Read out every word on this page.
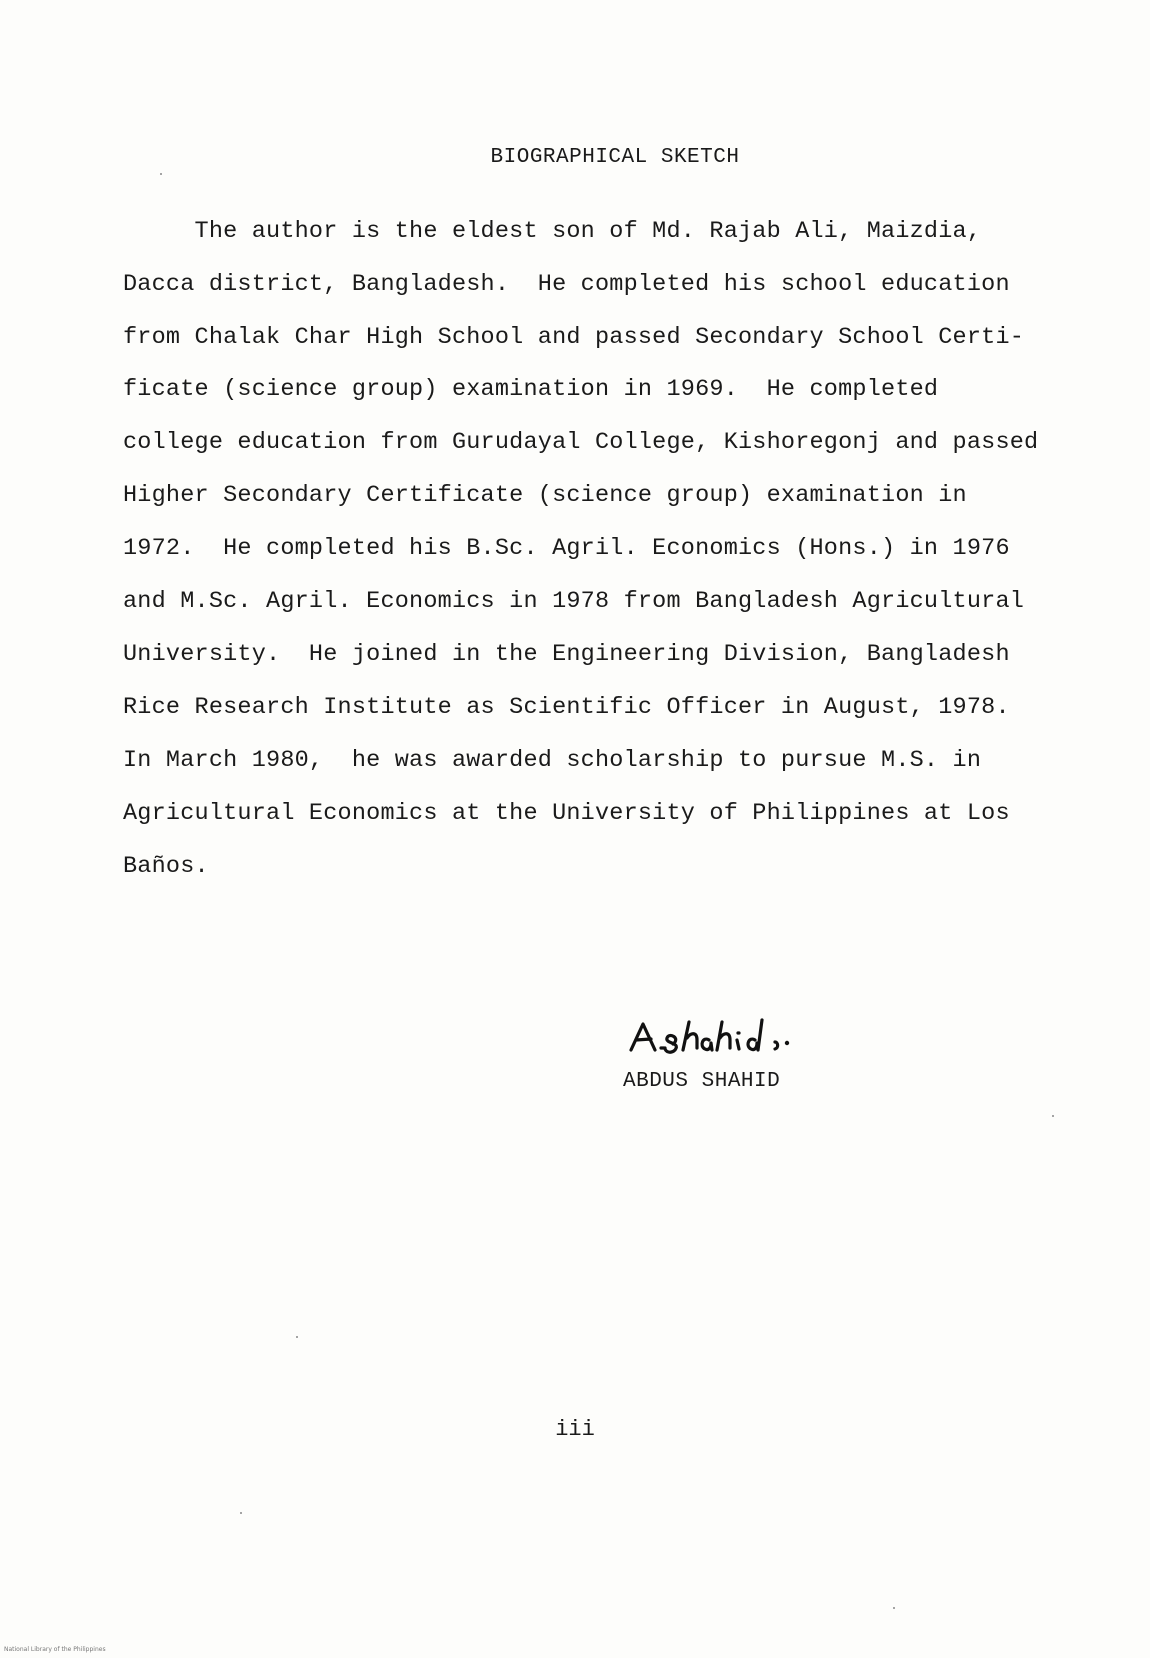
BIOGRAPHICAL SKETCH
The author is the eldest son of Md. Rajab Ali, Maizdia,
Dacca district, Bangladesh.  He completed his school education
from Chalak Char High School and passed Secondary School Certi-
ficate (science group) examination in 1969.  He completed
college education from Gurudayal College, Kishoregonj and passed
Higher Secondary Certificate (science group) examination in
1972.  He completed his B.Sc. Agril. Economics (Hons.) in 1976
and M.Sc. Agril. Economics in 1978 from Bangladesh Agricultural
University.  He joined in the Engineering Division, Bangladesh
Rice Research Institute as Scientific Officer in August, 1978.
In March 1980,  he was awarded scholarship to pursue M.S. in
Agricultural Economics at the University of Philippines at Los
Baños.
ABDUS SHAHID
iii
National Library of the Philippines
